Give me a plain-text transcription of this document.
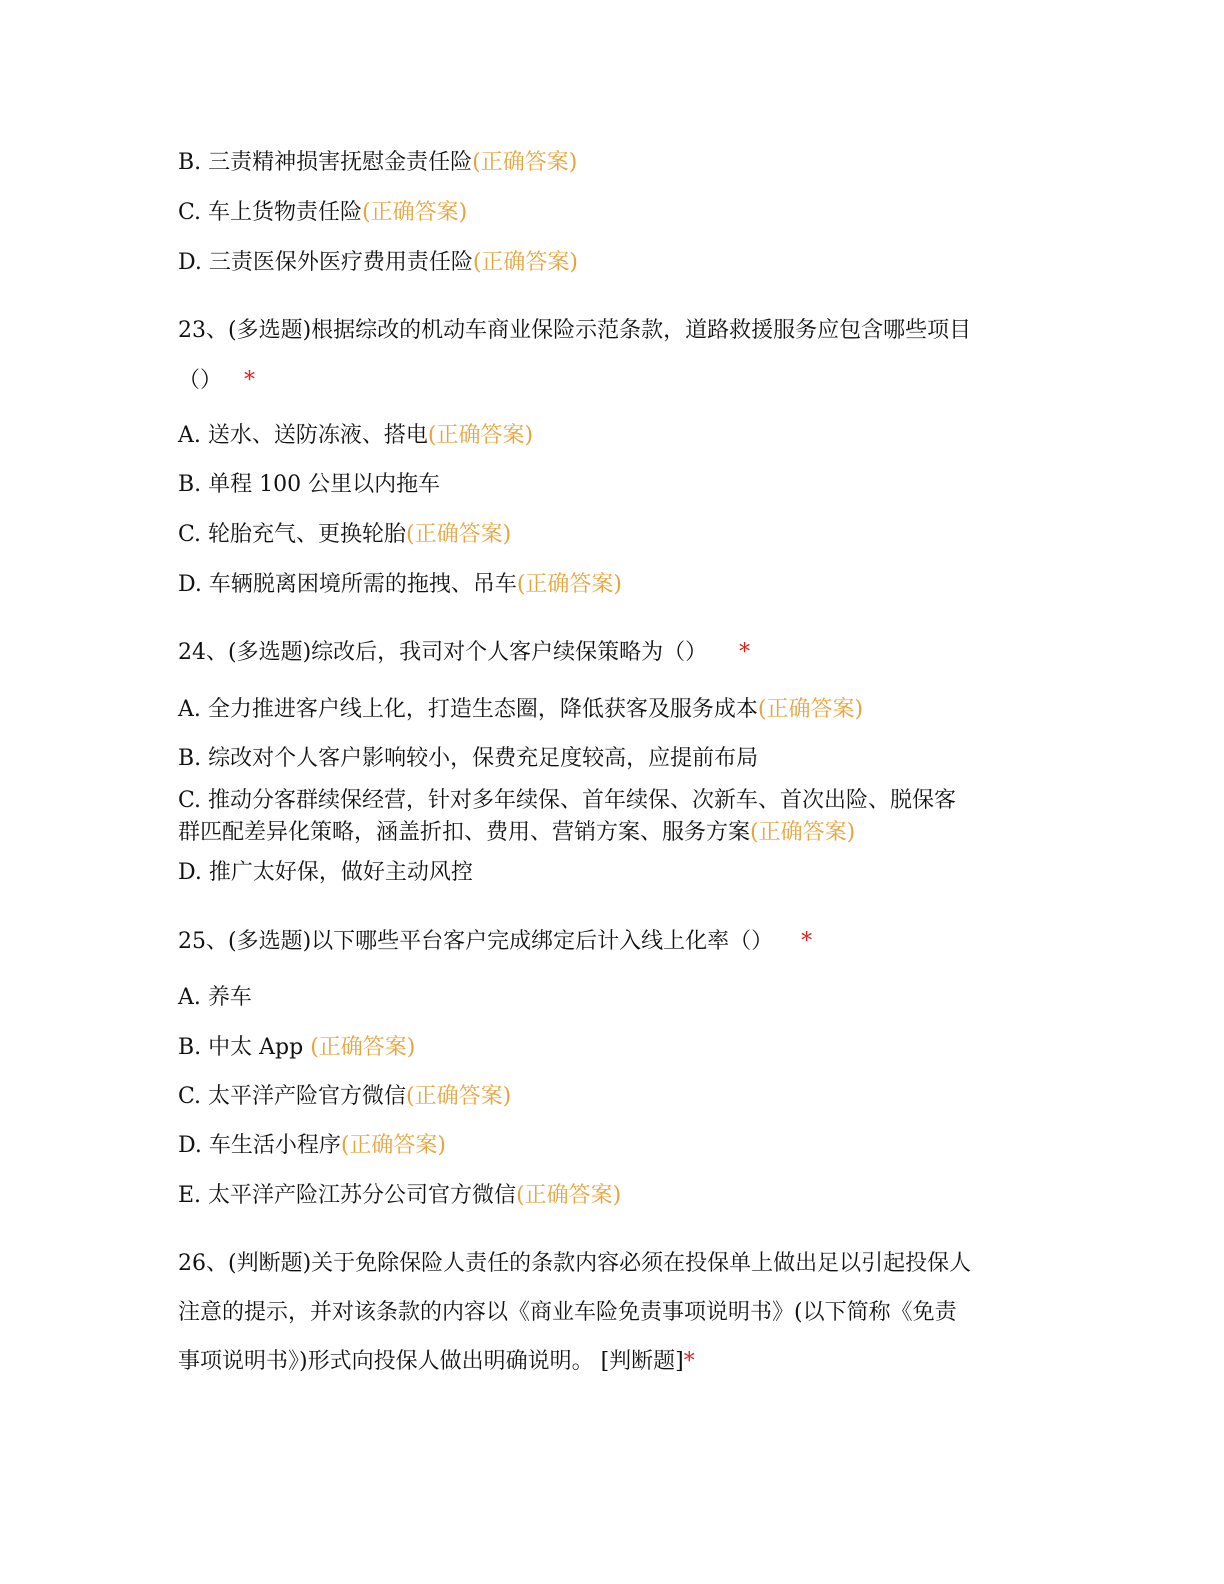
B. 三责精神损害抚慰金责任险(正确答案)
C. 车上货物责任险(正确答案)
D. 三责医保外医疗费用责任险(正确答案)
23、(多选题)根据综改的机动车商业保险示范条款，道路救援服务应包含哪些项目
（） *
A. 送水、送防冻液、搭电(正确答案)
B. 单程 100 公里以内拖车
C. 轮胎充气、更换轮胎(正确答案)
D. 车辆脱离困境所需的拖拽、吊车(正确答案)
24、(多选题)综改后，我司对个人客户续保策略为（） *
A. 全力推进客户线上化，打造生态圈，降低获客及服务成本(正确答案)
B. 综改对个人客户影响较小，保费充足度较高，应提前布局
C. 推动分客群续保经营，针对多年续保、首年续保、次新车、首次出险、脱保客
群匹配差异化策略，涵盖折扣、费用、营销方案、服务方案(正确答案)
D. 推广太好保，做好主动风控
25、(多选题)以下哪些平台客户完成绑定后计入线上化率（） *
A. 养车
B. 中太 App (正确答案)
C. 太平洋产险官方微信(正确答案)
D. 车生活小程序(正确答案)
E. 太平洋产险江苏分公司官方微信(正确答案)
26、(判断题)关于免除保险人责任的条款内容必须在投保单上做出足以引起投保人
注意的提示，并对该条款的内容以《商业车险免责事项说明书》(以下简称《免责
事项说明书》)形式向投保人做出明确说明。 [判断题]*
